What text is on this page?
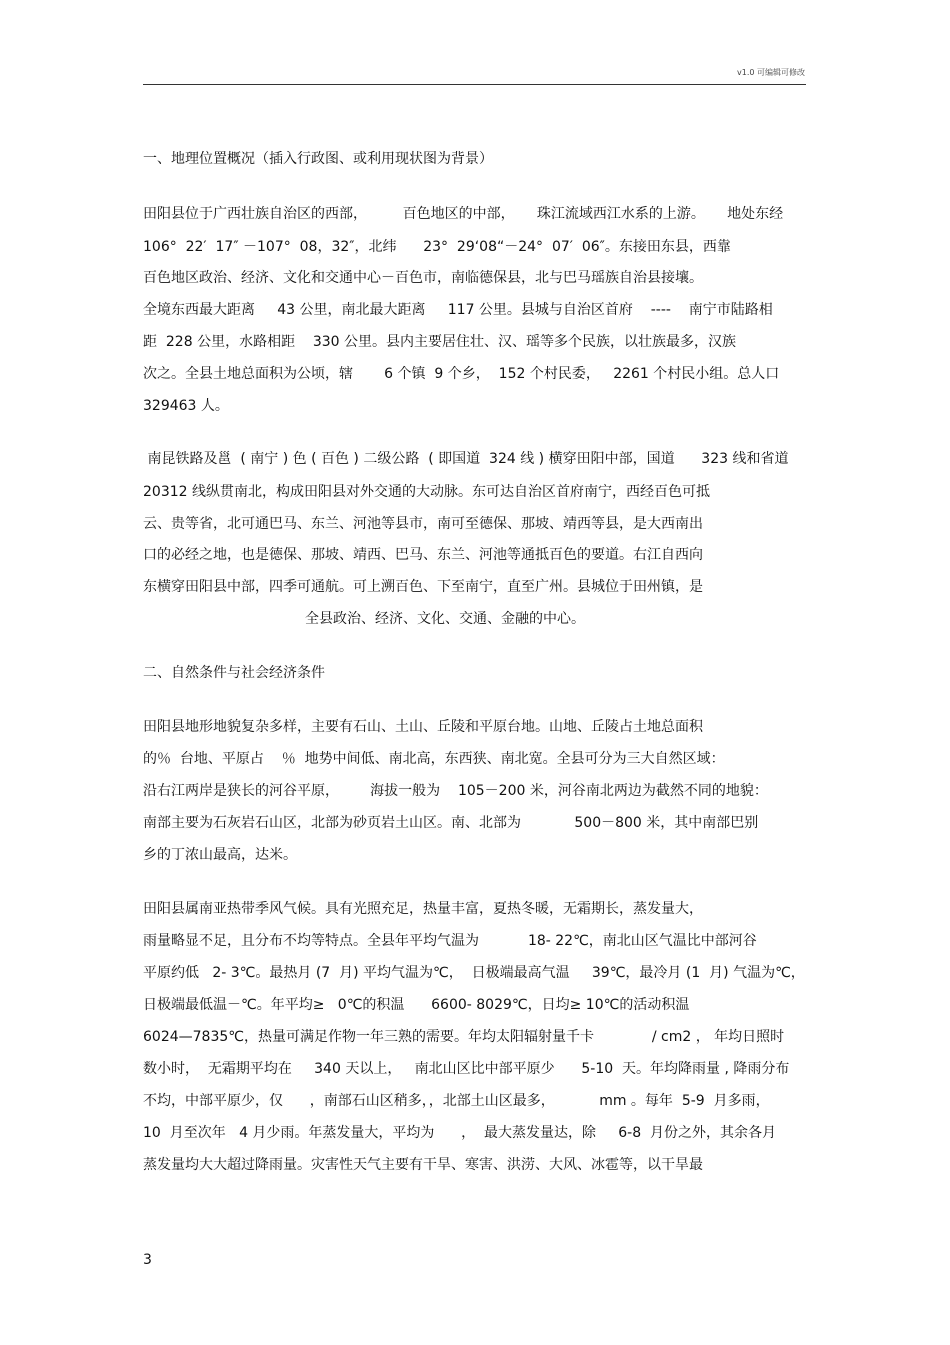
v1.0 可编辑可修改
一、地理位置概况（插入行政图、或利用现状图为背景）
田阳县位于广西壮族自治区的西部，        百色地区的中部，     珠江流域西江水系的上游。     地处东经
106°  22′  17″ －107°  08，32″，北纬      23°  29‘08“－24°  07′  06″。东接田东县，西靠
百色地区政治、经济、文化和交通中心－百色市，南临德保县，北与巴马瑶族自治县接壤。
全境东西最大距离     43 公里，南北最大距离     117 公里。县城与自治区首府    ----    南宁市陆路相
距  228 公里，水路相距    330 公里。县内主要居住壮、汉、瑶等多个民族，以壮族最多，汉族
次之。全县土地总面积为公顷，辖       6 个镇  9 个乡，  152 个村民委，   2261 个村民小组。总人口
329463 人。
南昆铁路及邕  ( 南宁 ) 色 ( 百色 ) 二级公路  ( 即国道  324 线 ) 横穿田阳中部，国道      323 线和省道
20312 线纵贯南北，构成田阳县对外交通的大动脉。东可达自治区首府南宁，西经百色可抵
云、贵等省，北可通巴马、东兰、河池等县市，南可至德保、那坡、靖西等县，是大西南出
口的必经之地，也是德保、那坡、靖西、巴马、东兰、河池等通抵百色的要道。右江自西向
东横穿田阳县中部，四季可通航。可上溯百色、下至南宁，直至广州。县城位于田州镇，是
全县政治、经济、文化、交通、金融的中心。
二、自然条件与社会经济条件
田阳县地形地貌复杂多样，主要有石山、土山、丘陵和平原台地。山地、丘陵占土地总面积
的％  台地、平原占    ％  地势中间低、南北高，东西狭、南北宽。全县可分为三大自然区域：
沿右江两岸是狭长的河谷平原，       海拔一般为    105－200 米，河谷南北两边为截然不同的地貌：
南部主要为石灰岩石山区，北部为砂页岩土山区。南、北部为            500－800 米，其中南部巴别
乡的丁浓山最高，达米。
田阳县属南亚热带季风气候。具有光照充足，热量丰富，夏热冬暖，无霜期长，蒸发量大，
雨量略显不足，且分布不均等特点。全县年平均气温为           18- 22℃，南北山区气温比中部河谷
平原约低   2- 3℃。最热月 (7  月) 平均气温为℃，  日极端最高气温     39℃，最冷月 (1  月) 气温为℃，
日极端最低温－℃。年平均≥   0℃的积温      6600- 8029℃，日均≥ 10℃的活动积温
6024—7835℃，热量可满足作物一年三熟的需要。年均太阳辐射量千卡             / cm2 ， 年均日照时
数小时，  无霜期平均在     340 天以上，   南北山区比中部平原少      5-10  天。年均降雨量 , 降雨分布
不均，中部平原少，仅      ，南部石山区稍多，，北部土山区最多，          mm 。每年  5-9  月多雨，
10  月至次年   4 月少雨。年蒸发量大，平均为      ，  最大蒸发量达，除     6-8  月份之外，其余各月
蒸发量均大大超过降雨量。灾害性天气主要有干旱、寒害、洪涝、大风、冰雹等，以干旱最
3
